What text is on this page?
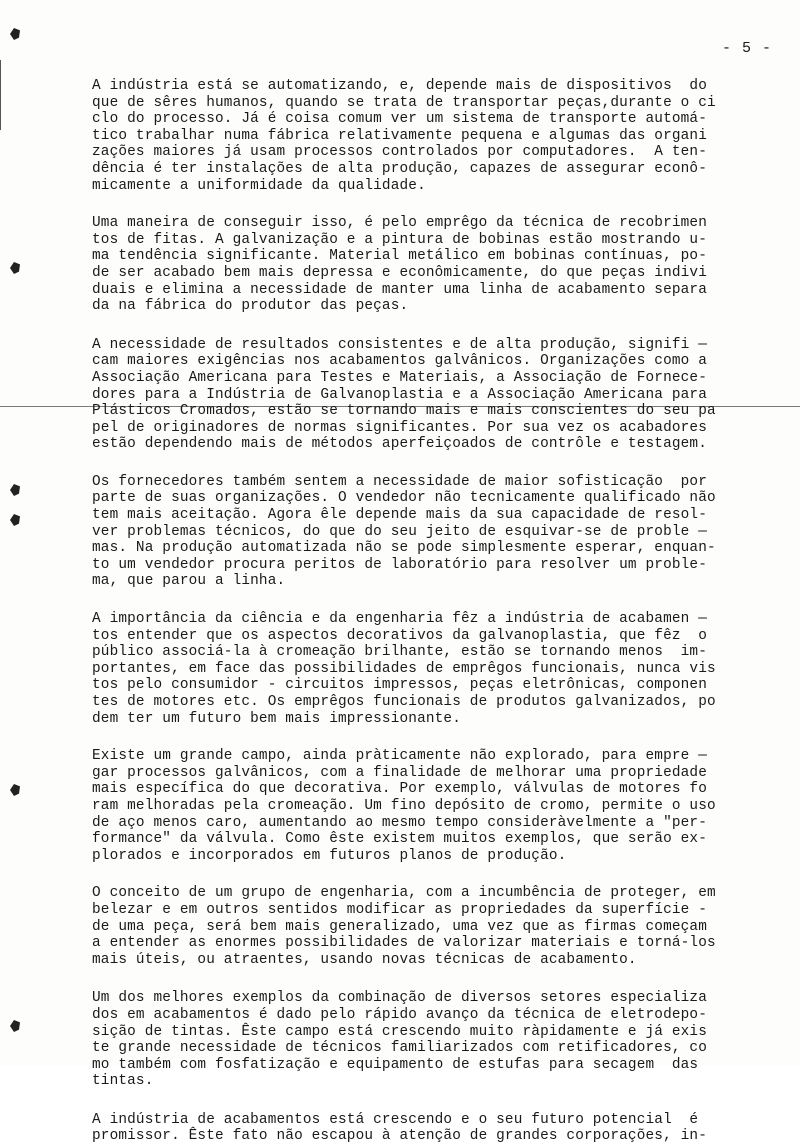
- 5 -

A indústria está se automatizando, e, depende mais de dispositivos  do
que de sêres humanos, quando se trata de transportar peças,durante o ci
clo do processo. Já é coisa comum ver um sistema de transporte automá-
tico trabalhar numa fábrica relativamente pequena e algumas das organi
zações maiores já usam processos controlados por computadores.  A ten-
dência é ter instalações de alta produção, capazes de assegurar econô-
micamente a uniformidade da qualidade.

Uma maneira de conseguir isso, é pelo emprêgo da técnica de recobrimen
tos de fitas. A galvanização e a pintura de bobinas estão mostrando u-
ma tendência significante. Material metálico em bobinas contínuas, po-
de ser acabado bem mais depressa e econômicamente, do que peças indivi
duais e elimina a necessidade de manter uma linha de acabamento separa
da na fábrica do produtor das peças.

A necessidade de resultados consistentes e de alta produção, signifi —
cam maiores exigências nos acabamentos galvânicos. Organizações como a
Associação Americana para Testes e Materiais, a Associação de Fornece-
dores para a Indústria de Galvanoplastia e a Associação Americana para
Plásticos Cromados, estão se tornando mais e mais conscientes do seu pa
pel de originadores de normas significantes. Por sua vez os acabadores
estão dependendo mais de métodos aperfeiçoados de contrôle e testagem.

Os fornecedores também sentem a necessidade de maior sofisticação  por
parte de suas organizações. O vendedor não tecnicamente qualificado não
tem mais aceitação. Agora êle depende mais da sua capacidade de resol-
ver problemas técnicos, do que do seu jeito de esquivar-se de proble —
mas. Na produção automatizada não se pode simplesmente esperar, enquan-
to um vendedor procura peritos de laboratório para resolver um proble-
ma, que parou a linha.

A importância da ciência e da engenharia fêz a indústria de acabamen —
tos entender que os aspectos decorativos da galvanoplastia, que fêz  o
público associá-la à cromeação brilhante, estão se tornando menos  im-
portantes, em face das possibilidades de emprêgos funcionais, nunca vis
tos pelo consumidor - circuitos impressos, peças eletrônicas, componen
tes de motores etc. Os emprêgos funcionais de produtos galvanizados, po
dem ter um futuro bem mais impressionante.

Existe um grande campo, ainda pràticamente não explorado, para empre —
gar processos galvânicos, com a finalidade de melhorar uma propriedade
mais específica do que decorativa. Por exemplo, válvulas de motores fo
ram melhoradas pela cromeação. Um fino depósito de cromo, permite o uso
de aço menos caro, aumentando ao mesmo tempo consideràvelmente a "per-
formance" da válvula. Como êste existem muitos exemplos, que serão ex-
plorados e incorporados em futuros planos de produção.

O conceito de um grupo de engenharia, com a incumbência de proteger, em
belezar e em outros sentidos modificar as propriedades da superfície -
de uma peça, será bem mais generalizado, uma vez que as firmas começam
a entender as enormes possibilidades de valorizar materiais e torná-los
mais úteis, ou atraentes, usando novas técnicas de acabamento.

Um dos melhores exemplos da combinação de diversos setores especializa
dos em acabamentos é dado pelo rápido avanço da técnica de eletrodepo-
sição de tintas. Êste campo está crescendo muito ràpidamente e já exis
te grande necessidade de técnicos familiarizados com retificadores, co
mo também com fosfatização e equipamento de estufas para secagem  das
tintas.

A indústria de acabamentos está crescendo e o seu futuro potencial  é
promissor. Êste fato não escapou à atenção de grandes corporações, in-
